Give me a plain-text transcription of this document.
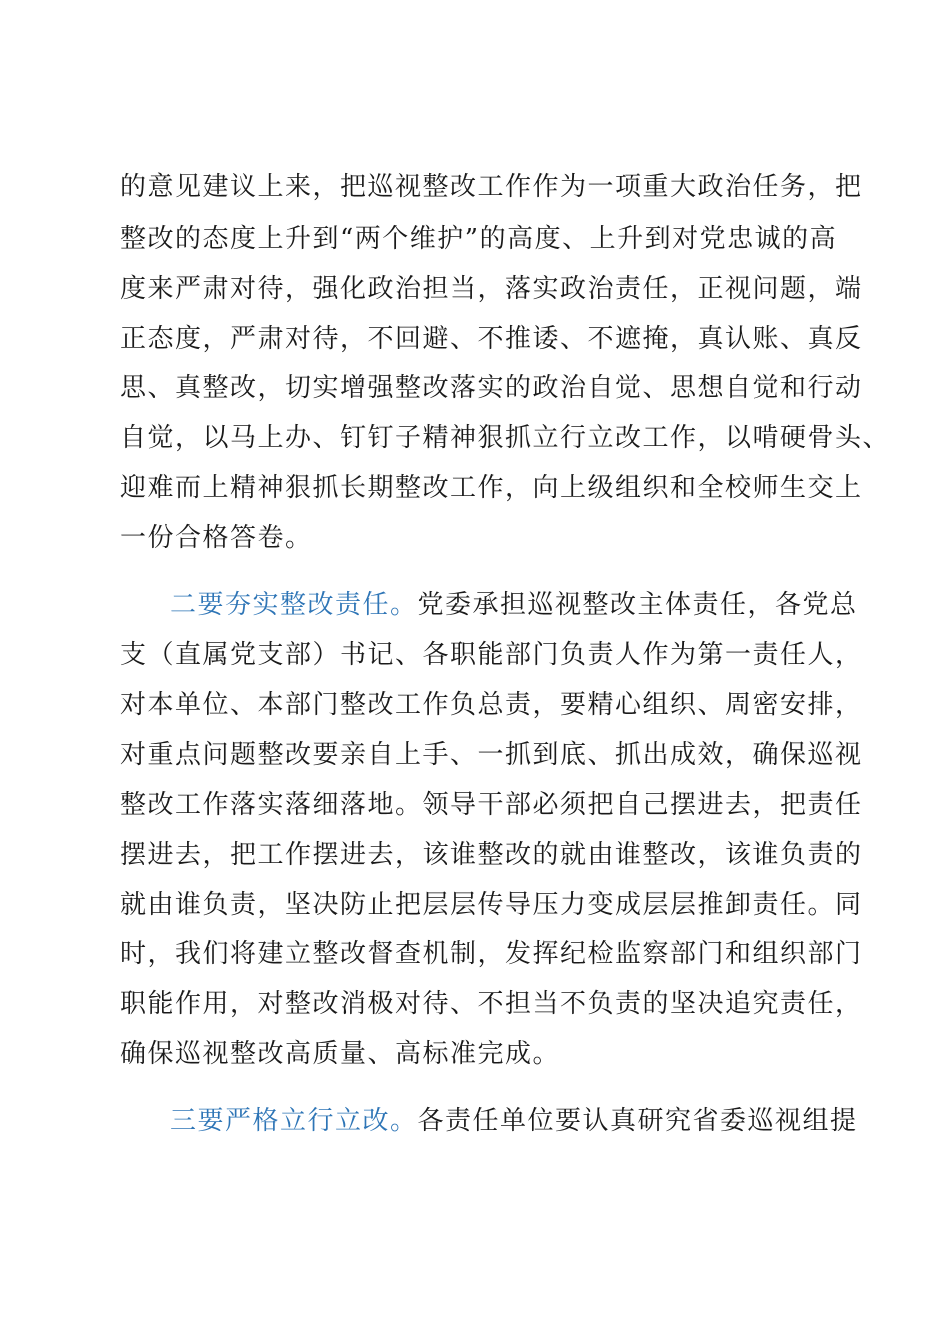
的意见建议上来，把巡视整改工作作为一项重大政治任务，把
整改的态度上升到“两个维护”的高度、上升到对党忠诚的高
度来严肃对待，强化政治担当，落实政治责任，正视问题，端
正态度，严肃对待，不回避、不推诿、不遮掩，真认账、真反
思、真整改，切实增强整改落实的政治自觉、思想自觉和行动
自觉，以马上办、钉钉子精神狠抓立行立改工作，以啃硬骨头、
迎难而上精神狠抓长期整改工作，向上级组织和全校师生交上
一份合格答卷。
二要夯实整改责任。党委承担巡视整改主体责任，各党总
支（直属党支部）书记、各职能部门负责人作为第一责任人，
对本单位、本部门整改工作负总责，要精心组织、周密安排，
对重点问题整改要亲自上手、一抓到底、抓出成效，确保巡视
整改工作落实落细落地。领导干部必须把自己摆进去，把责任
摆进去，把工作摆进去，该谁整改的就由谁整改，该谁负责的
就由谁负责，坚决防止把层层传导压力变成层层推卸责任。同
时，我们将建立整改督查机制，发挥纪检监察部门和组织部门
职能作用，对整改消极对待、不担当不负责的坚决追究责任，
确保巡视整改高质量、高标准完成。
三要严格立行立改。各责任单位要认真研究省委巡视组提
